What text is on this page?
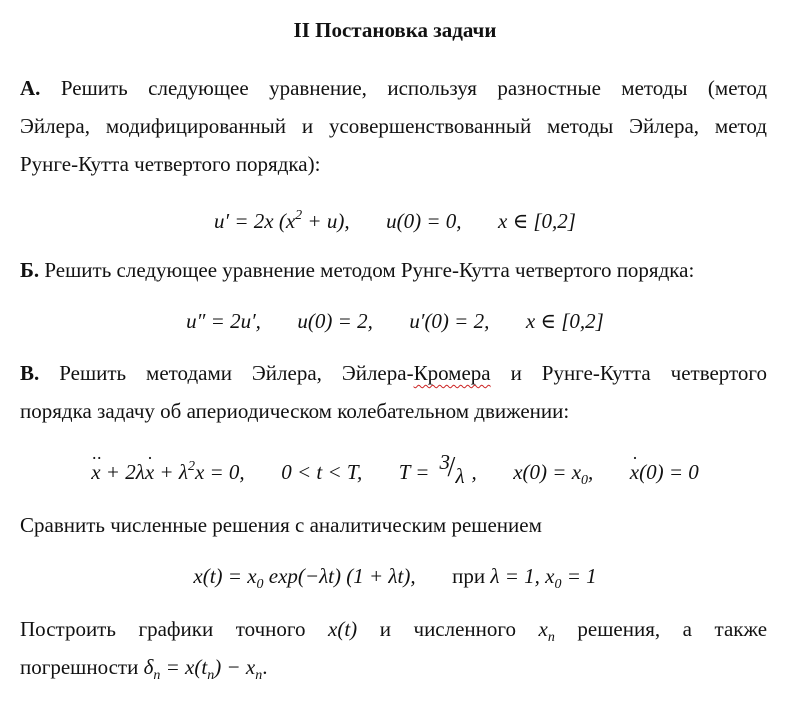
II Постановка задачи
А. Решить следующее уравнение, используя разностные методы (метод
Эйлера, модифицированный и усовершенствованный методы Эйлера, метод
Рунге-Кутта четвертого порядка):
u′ = 2x $(x^2 + u)$, u(0) = 0, x ∈ [0,2]
Б. Решить следующее уравнение методом Рунге-Кутта четвертого порядка:
u″ = 2u′, u(0) = 2, u′(0) = 2, x ∈ [0,2]
В. Решить методами Эйлера, Эйлера-Кромера и Рунге-Кутта четвертого
порядка задачу об апериодическом колебательном движении:
·· $x + 2\lambda\cdot x + \lambda^2x = 0$, 0 < t < T, T = 3
/ λ , $x(0) = x_0$,  · x(0) = 0
Сравнить численные решения с аналитическим решением
$x(t) = x_0$ exp(−λt) (1 + λt), при λ = 1, $x_0 = 1$
Построить графики точного x(t) и численного $x_n$ решения, а также
погрешности $\delta_n = x(t_n) - x_n$.
